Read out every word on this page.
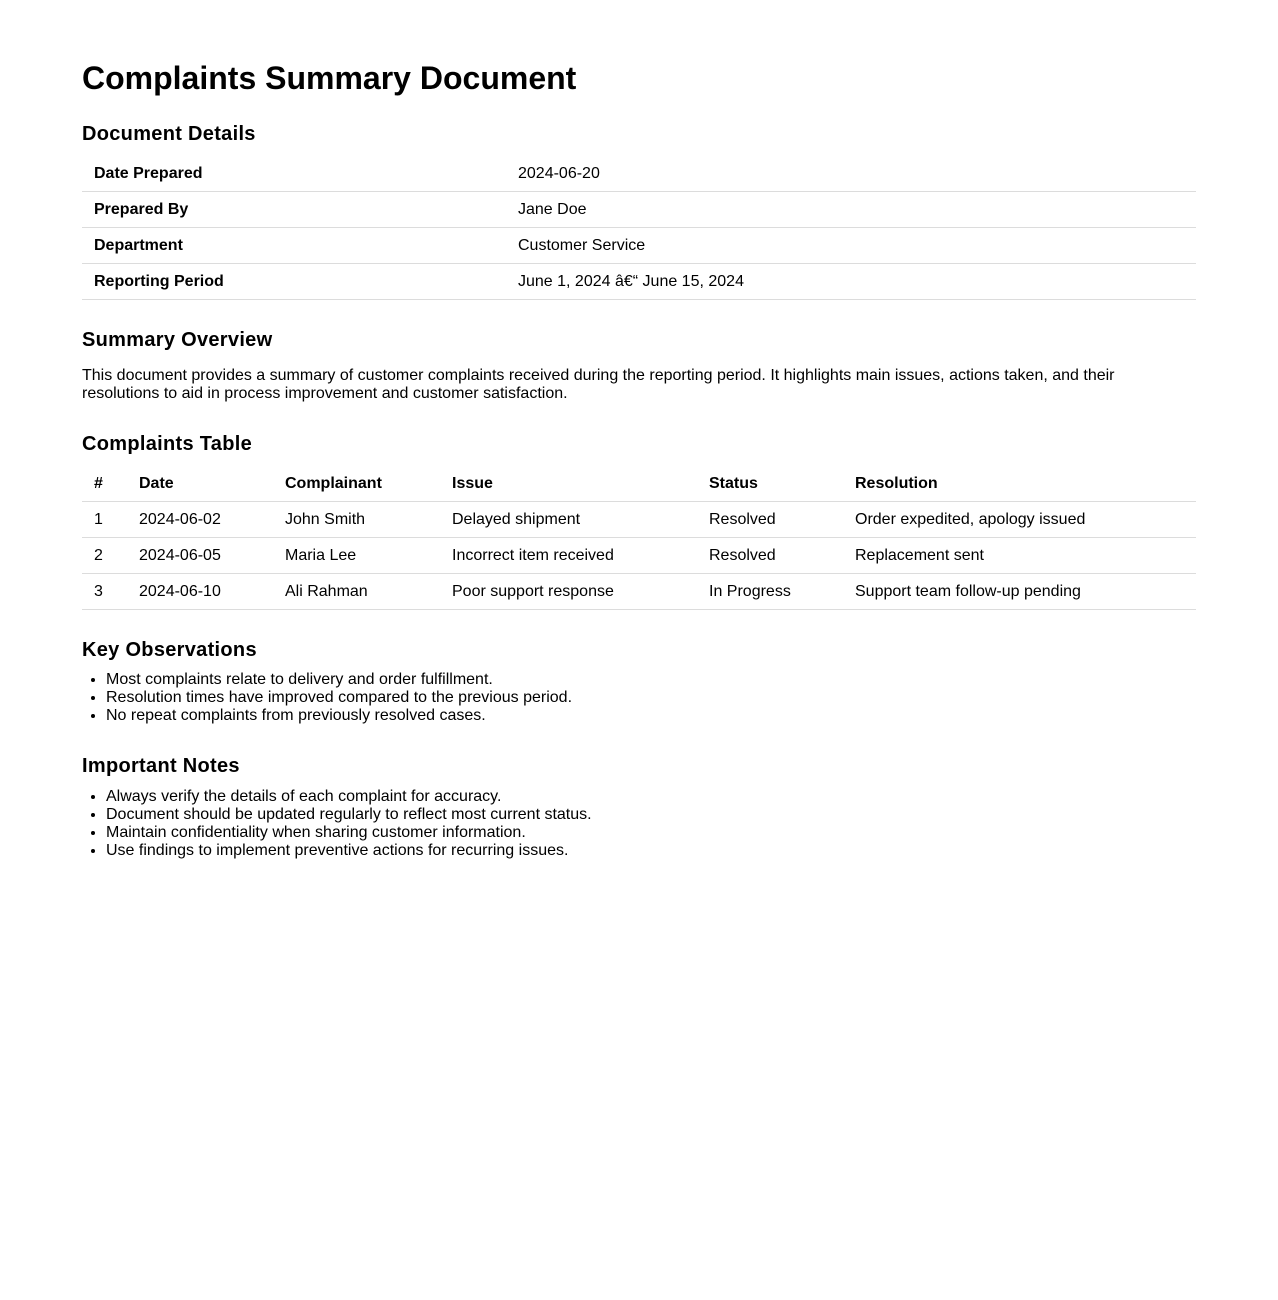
Complaints Summary Document
Document Details
Date Prepared	2024-06-20
Prepared By	Jane Doe
Department	Customer Service
Reporting Period	June 1, 2024 â€“ June 15, 2024
Summary Overview

This document provides a summary of customer complaints received during the reporting period. It highlights main issues, actions taken, and their resolutions to aid in process improvement and customer satisfaction.

Complaints Table
#	Date	Complainant	Issue	Status	Resolution
1	2024-06-02	John Smith	Delayed shipment	Resolved	Order expedited, apology issued
2	2024-06-05	Maria Lee	Incorrect item received	Resolved	Replacement sent
3	2024-06-10	Ali Rahman	Poor support response	In Progress	Support team follow-up pending
Key Observations
• Most complaints relate to delivery and order fulfillment.
• Resolution times have improved compared to the previous period.
• No repeat complaints from previously resolved cases.
Important Notes
• Always verify the details of each complaint for accuracy.
• Document should be updated regularly to reflect most current status.
• Maintain confidentiality when sharing customer information.
• Use findings to implement preventive actions for recurring issues.
